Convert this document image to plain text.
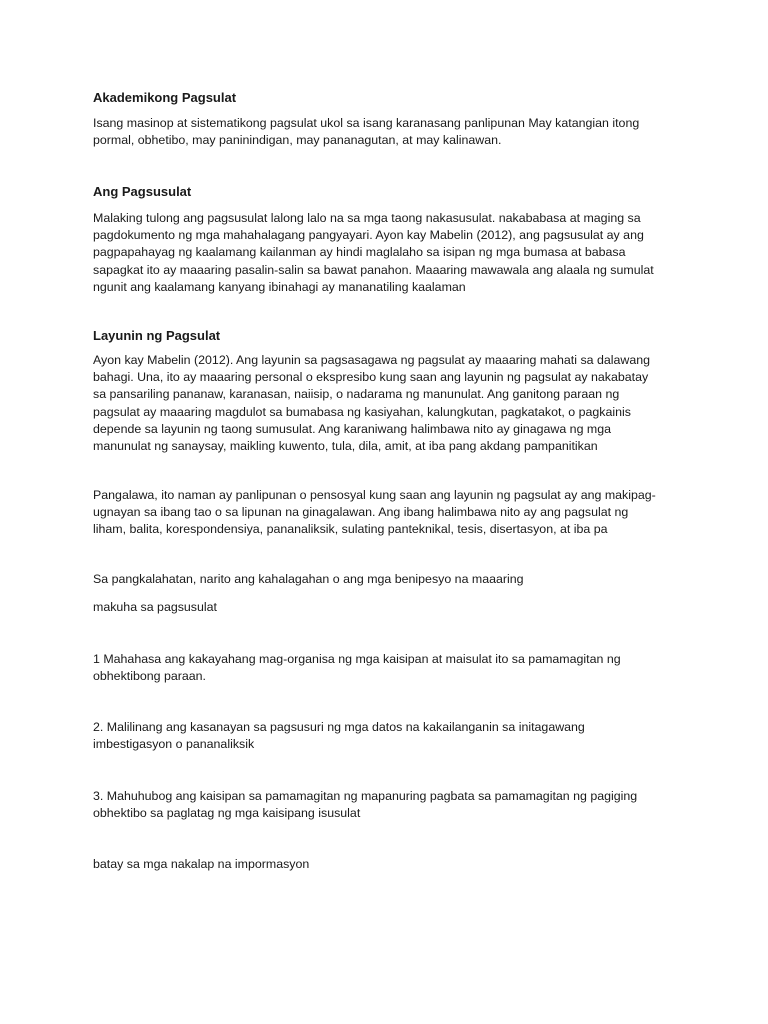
Akademikong Pagsulat

Isang masinop at sistematikong pagsulat ukol sa isang karanasang panlipunan May katangian itong
pormal, obhetibo, may paninindigan, may pananagutan, at may kalinawan.

Ang Pagsusulat

Malaking tulong ang pagsusulat lalong lalo na sa mga taong nakasusulat. nakababasa at maging sa
pagdokumento ng mga mahahalagang pangyayari. Ayon kay Mabelin (2012), ang pagsusulat ay ang
pagpapahayag ng kaalamang kailanman ay hindi maglalaho sa isipan ng mga bumasa at babasa
sapagkat ito ay maaaring pasalin-salin sa bawat panahon. Maaaring mawawala ang alaala ng sumulat
ngunit ang kaalamang kanyang ibinahagi ay mananatiling kaalaman

Layunin ng Pagsulat

Ayon kay Mabelin (2012). Ang layunin sa pagsasagawa ng pagsulat ay maaaring mahati sa dalawang
bahagi. Una, ito ay maaaring personal o ekspresibo kung saan ang layunin ng pagsulat ay nakabatay
sa pansariling pananaw, karanasan, naiisip, o nadarama ng manunulat. Ang ganitong paraan ng
pagsulat ay maaaring magdulot sa bumabasa ng kasiyahan, kalungkutan, pagkatakot, o pagkainis
depende sa layunin ng taong sumusulat. Ang karaniwang halimbawa nito ay ginagawa ng mga
manunulat ng sanaysay, maikling kuwento, tula, dila, amit, at iba pang akdang pampanitikan

Pangalawa, ito naman ay panlipunan o pensosyal kung saan ang layunin ng pagsulat ay ang makipag-
ugnayan sa ibang tao o sa lipunan na ginagalawan. Ang ibang halimbawa nito ay ang pagsulat ng
liham, balita, korespondensiya, pananaliksik, sulating panteknikal, tesis, disertasyon, at iba pa

Sa pangkalahatan, narito ang kahalagahan o ang mga benipesyo na maaaring

makuha sa pagsusulat

1 Mahahasa ang kakayahang mag-organisa ng mga kaisipan at maisulat ito sa pamamagitan ng
obhektibong paraan.

2. Malilinang ang kasanayan sa pagsusuri ng mga datos na kakailanganin sa initagawang
imbestigasyon o pananaliksik

3. Mahuhubog ang kaisipan sa pamamagitan ng mapanuring pagbata sa pamamagitan ng pagiging
obhektibo sa paglatag ng mga kaisipang isusulat

batay sa mga nakalap na impormasyon
